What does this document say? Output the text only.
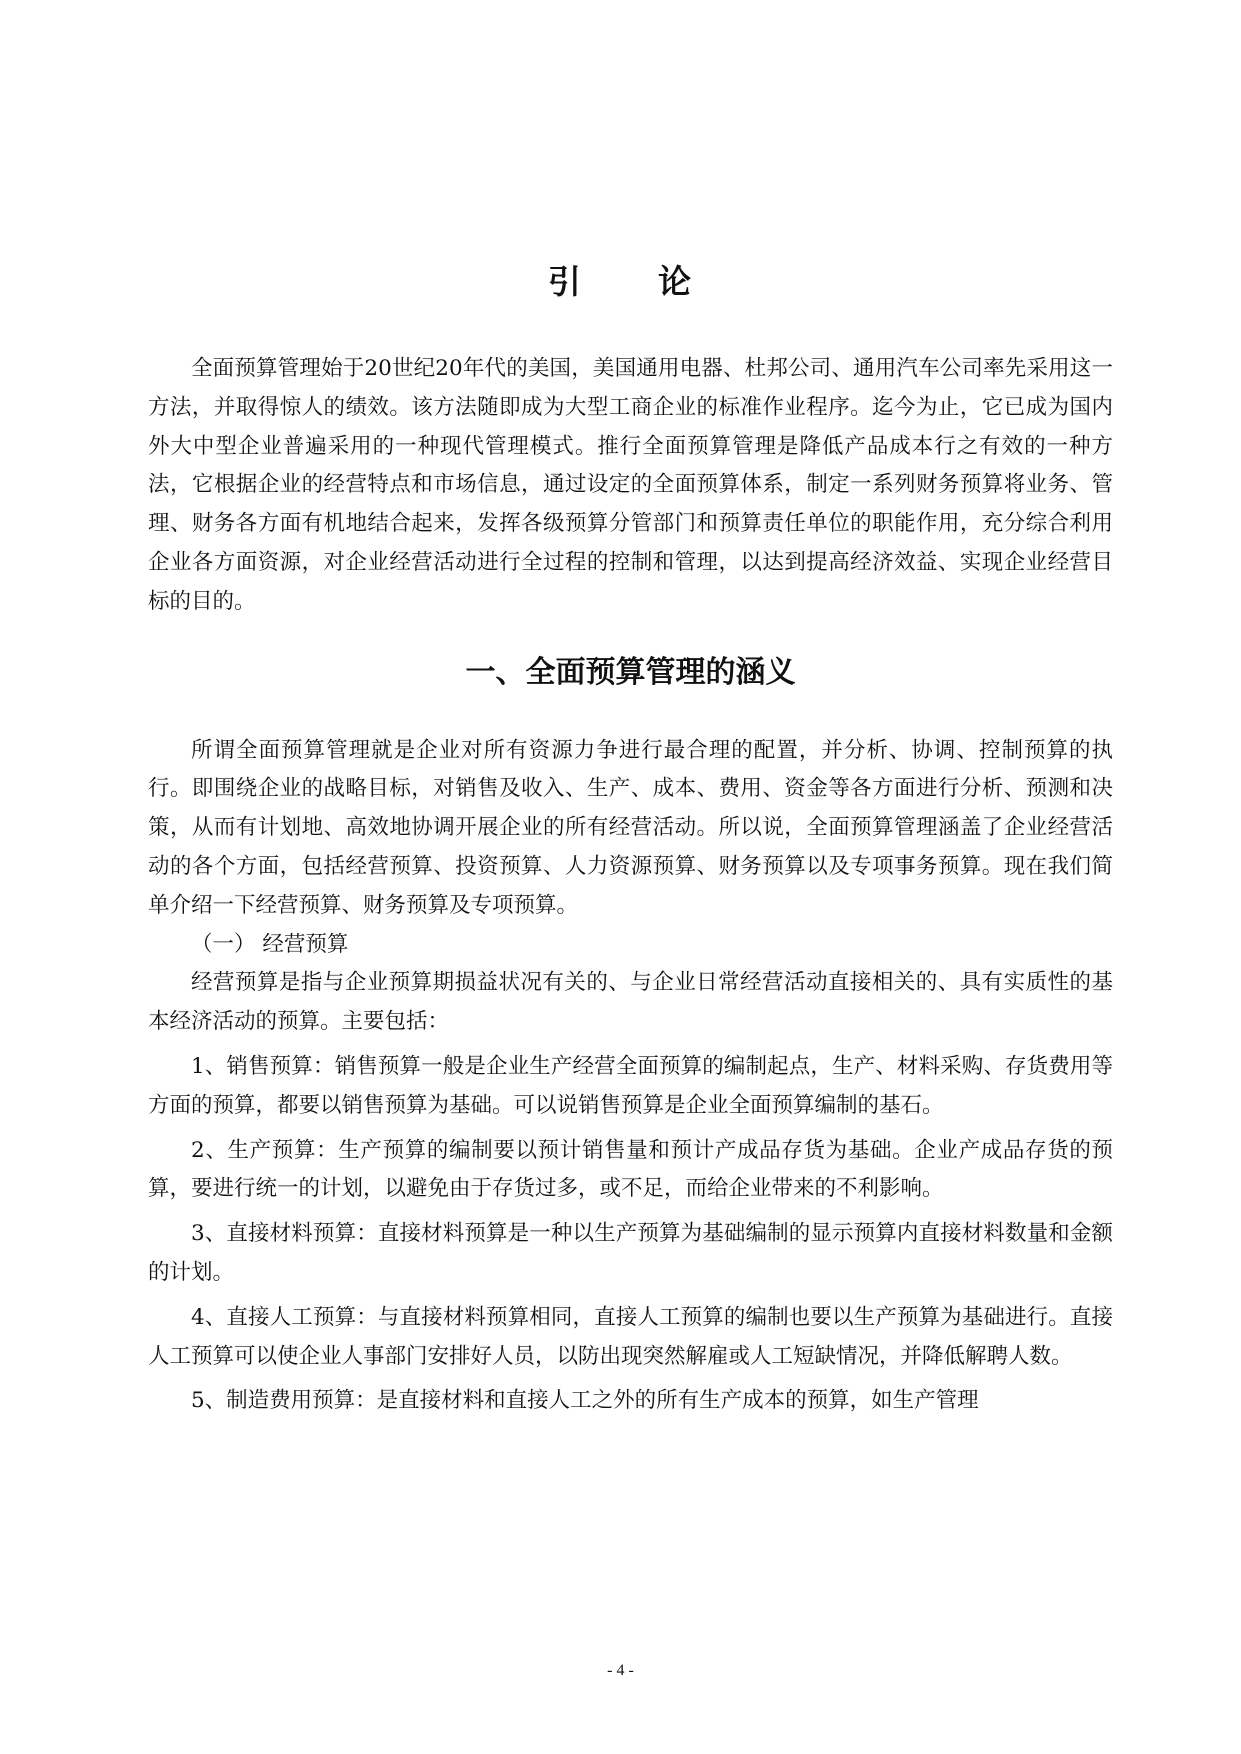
引　论

全面预算管理始于20世纪20年代的美国，美国通用电器、杜邦公司、通用汽车公司率先采用这一方法，并取得惊人的绩效。该方法随即成为大型工商企业的标准作业程序。迄今为止，它已成为国内外大中型企业普遍采用的一种现代管理模式。推行全面预算管理是降低产品成本行之有效的一种方法，它根据企业的经营特点和市场信息，通过设定的全面预算体系，制定一系列财务预算将业务、管理、财务各方面有机地结合起来，发挥各级预算分管部门和预算责任单位的职能作用，充分综合利用企业各方面资源，对企业经营活动进行全过程的控制和管理，以达到提高经济效益、实现企业经营目标的目的。

一、全面预算管理的涵义

所谓全面预算管理就是企业对所有资源力争进行最合理的配置，并分析、协调、控制预算的执行。即围绕企业的战略目标，对销售及收入、生产、成本、费用、资金等各方面进行分析、预测和决策，从而有计划地、高效地协调开展企业的所有经营活动。所以说，全面预算管理涵盖了企业经营活动的各个方面，包括经营预算、投资预算、人力资源预算、财务预算以及专项事务预算。现在我们简单介绍一下经营预算、财务预算及专项预算。

（一） 经营预算

经营预算是指与企业预算期损益状况有关的、与企业日常经营活动直接相关的、具有实质性的基本经济活动的预算。主要包括：

1、销售预算：销售预算一般是企业生产经营全面预算的编制起点，生产、材料采购、存货费用等方面的预算，都要以销售预算为基础。可以说销售预算是企业全面预算编制的基石。

2、生产预算：生产预算的编制要以预计销售量和预计产成品存货为基础。企业产成品存货的预算，要进行统一的计划，以避免由于存货过多，或不足，而给企业带来的不利影响。

3、直接材料预算：直接材料预算是一种以生产预算为基础编制的显示预算内直接材料数量和金额的计划。

4、直接人工预算：与直接材料预算相同，直接人工预算的编制也要以生产预算为基础进行。直接人工预算可以使企业人事部门安排好人员，以防出现突然解雇或人工短缺情况，并降低解聘人数。

5、制造费用预算：是直接材料和直接人工之外的所有生产成本的预算，如生产管理

- 4 -
